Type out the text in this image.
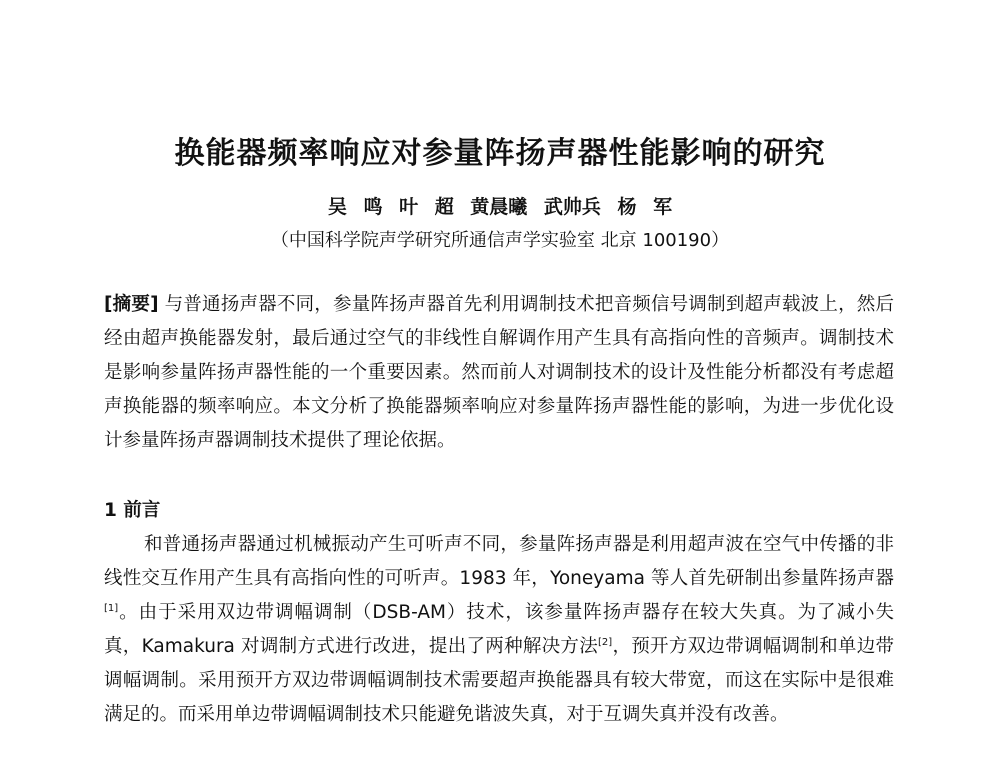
换能器频率响应对参量阵扬声器性能影响的研究
吴 鸣 叶 超 黄晨曦 武帅兵 杨 军
（中国科学院声学研究所通信声学实验室 北京 100190）
[摘要] 与普通扬声器不同，参量阵扬声器首先利用调制技术把音频信号调制到超声载波上，然后经由超声换能器发射，最后通过空气的非线性自解调作用产生具有高指向性的音频声。调制技术是影响参量阵扬声器性能的一个重要因素。然而前人对调制技术的设计及性能分析都没有考虑超声换能器的频率响应。本文分析了换能器频率响应对参量阵扬声器性能的影响，为进一步优化设计参量阵扬声器调制技术提供了理论依据。
1 前言
和普通扬声器通过机械振动产生可听声不同，参量阵扬声器是利用超声波在空气中传播的非线性交互作用产生具有高指向性的可听声。1983 年，Yoneyama 等人首先研制出参量阵扬声器[1]。由于采用双边带调幅调制（DSB-AM）技术，该参量阵扬声器存在较大失真。为了减小失真，Kamakura 对调制方式进行改进，提出了两种解决方法[2]，预开方双边带调幅调制和单边带调幅调制。采用预开方双边带调幅调制技术需要超声换能器具有较大带宽，而这在实际中是很难满足的。而采用单边带调幅调制技术只能避免谐波失真，对于互调失真并没有改善。
